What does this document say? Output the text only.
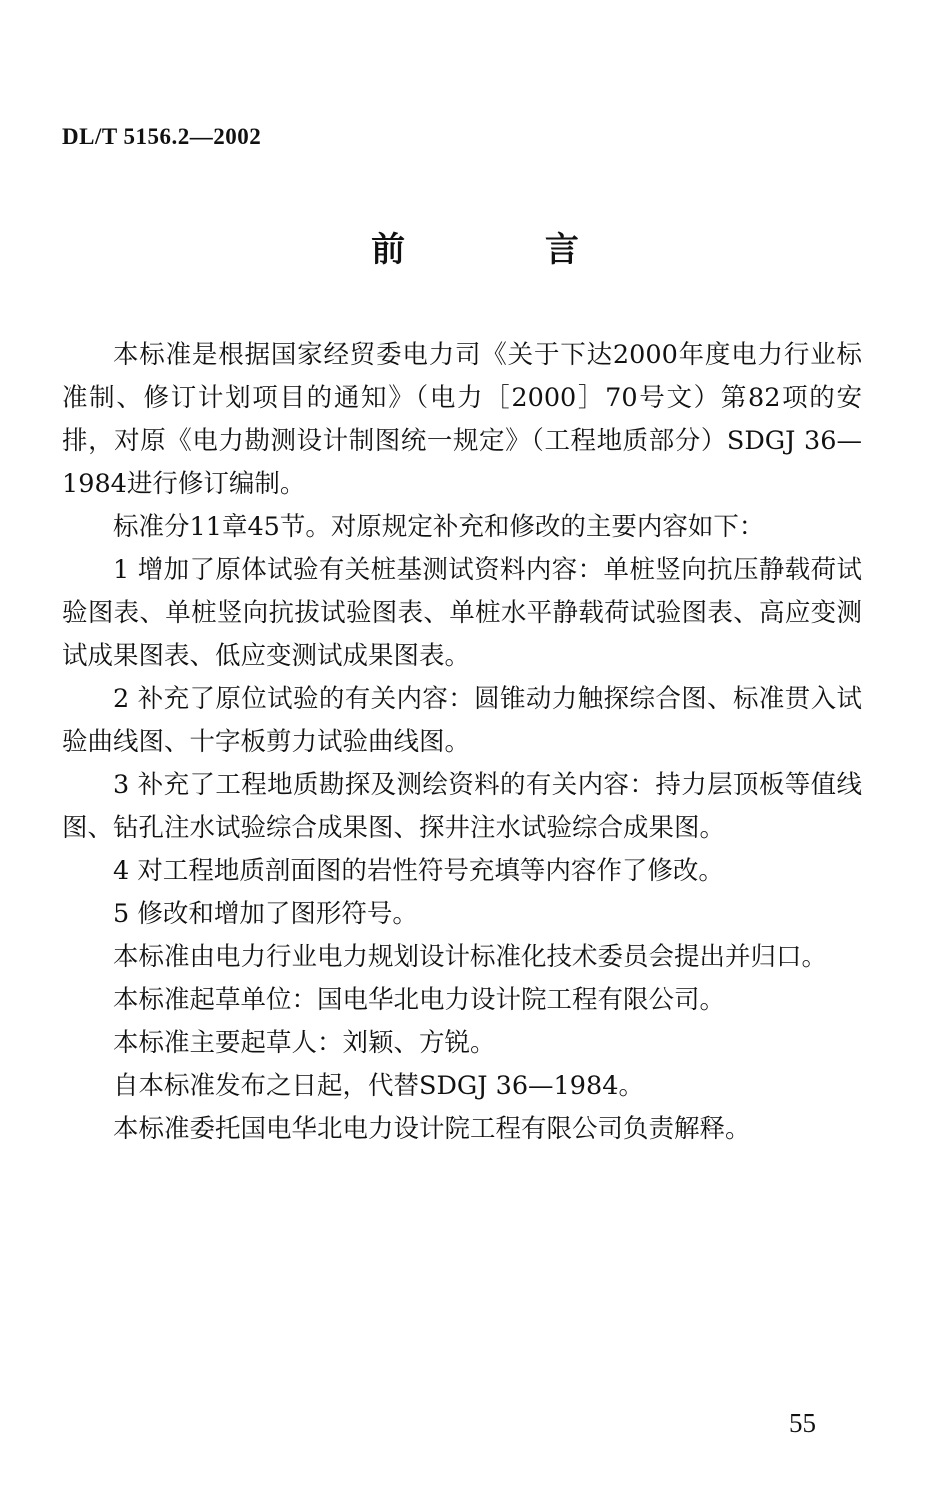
DL/T 5156.2—2002
前 言

本标准是根据国家经贸委电力司《关于下达2000年度电力行业标准制、修订计划项目的通知》（电力［2000］70号文）第82项的安排，对原《电力勘测设计制图统一规定》（工程地质部分）SDGJ 36—1984进行修订编制。

标准分11章45节。对原规定补充和修改的主要内容如下：

1 增加了原体试验有关桩基测试资料内容：单桩竖向抗压静载荷试验图表、单桩竖向抗拔试验图表、单桩水平静载荷试验图表、高应变测试成果图表、低应变测试成果图表。

2 补充了原位试验的有关内容：圆锥动力触探综合图、标准贯入试验曲线图、十字板剪力试验曲线图。

3 补充了工程地质勘探及测绘资料的有关内容：持力层顶板等值线图、钻孔注水试验综合成果图、探井注水试验综合成果图。

4 对工程地质剖面图的岩性符号充填等内容作了修改。

5 修改和增加了图形符号。

本标准由电力行业电力规划设计标准化技术委员会提出并归口。

本标准起草单位：国电华北电力设计院工程有限公司。

本标准主要起草人：刘颖、方锐。

自本标准发布之日起，代替SDGJ 36—1984。

本标准委托国电华北电力设计院工程有限公司负责解释。

55
